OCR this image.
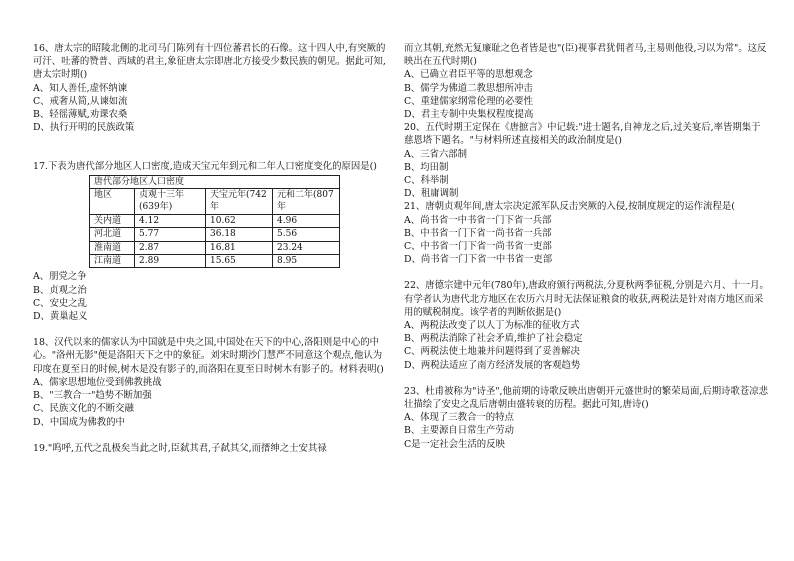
16、唐太宗的昭陵北侧的北司马门陈列有十四位蕃君长的石像。这十四人中,有突厥的可汗、吐蕃的赞普、西域的君主,象征唐太宗即唐北方接受少数民族的朝见。据此可知,唐太宗时期()

A、知人善任,虚怀纳谏

C、戒奢从简,从谏如流

B、轻徭薄赋,劝课农桑

D、执行开明的民族政策

17.下表为唐代部分地区人口密度,造成天宝元年到元和二年人口密度变化的原因是()

唐代部分地区人口密度			
地区	贞观十三年(639年)	天宝元年(742年	元和二年(807年
关内道	4.12	10.62	4.96
河北道	5.77	36.18	5.56
淮南道	2.87	16.81	23.24
江南道	2.89	15.65	8.95

A、朋党之争

B、贞观之治

C、安史之乱

D、黄巢起义

18、汉代以来的儒家认为中国就是中央之国,中国处在天下的中心,洛阳则是中心的中心。"洛州无影"便是洛阳天下之中的象征。刘宋时期沙门慧严不同意这个观点,他认为印度在夏至日的时候,树木是没有影子的,而洛阳在夏至日时树木有影子的。材料表明()

A、儒家思想地位受到佛教挑战

B、"三教合一"趋势不断加强

C、民族文化的不断交融

D、中国成为佛教的中

19."呜呼,五代之乱极矣当此之时,臣弑其君,子弑其父,而搢绅之士安其禄

而立其朝,充然无复廉耻之色者皆是也"(臣)视事君犹佣者马,主易则他役,习以为常"。这反映出在五代时期()

A、已确立君臣平等的思想观念

B、儒学为佛道二教思想所冲击

C、重建儒家纲常伦理的必要性

D、君主专制中央集权程度提高

20、五代时期王定保在《唐摭言》中记载:"进士题名,自神龙之后,过关宴后,率皆期集于慈恩塔下题名。"与材料所述直接相关的政治制度是()

A、三省六部制

B、均田制

C、科举制

D、租庸调制

21、唐朝贞观年间,唐太宗决定派军队反击突厥的入侵,按制度规定的运作流程是(

A、尚书省一中书省一门下省一兵部

B、中书省一门下省一尚书省一兵部

C、中书省一门下省一尚书省一吏部

D、尚书省一门下省一中书省一吏部

22、唐德宗建中元年(780年),唐政府颁行两税法,分夏秋两季征税,分别是六月、十一月。有学者认为唐代北方地区在农历六月时无法保证粮食的收获,两税法是针对南方地区而采用的赋税制度。该学者的判断依据是()

A、两税法改变了以人丁为标准的征收方式

B、两税法消除了社会矛盾,维护了社会稳定

C、两税法使土地兼并问题得到了妥善解决

D、两税法适应了南方经济发展的客观趋势

23、杜甫被称为"诗圣",他前期的诗歌反映出唐朝开元盛世时的繁荣局面,后期诗歌苍凉悲壮描绘了安史之乱后唐朝由盛转衰的历程。据此可知,唐诗()

A、体现了三教合一的特点

B、主要源自日常生产劳动

C是一定社会生活的反映
